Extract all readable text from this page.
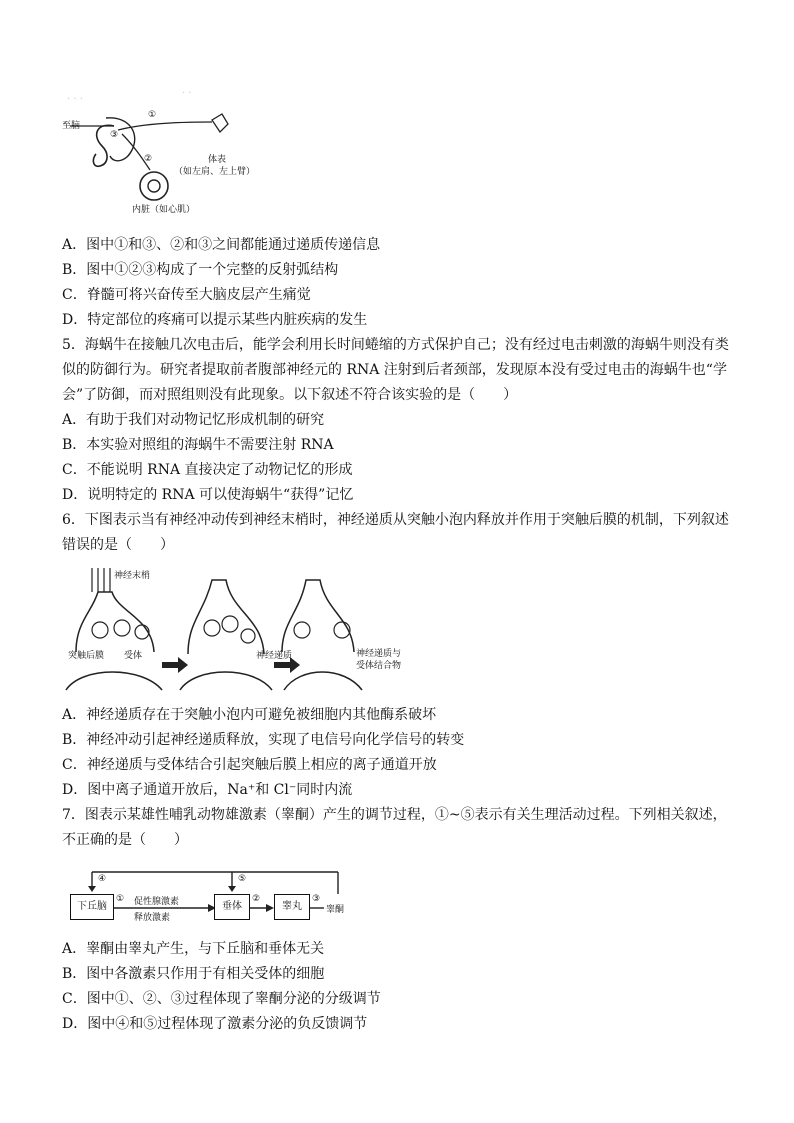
· · ·
· ·
至脑
①
②
③
体表
（如左肩、左上臂）
内脏（如心肌）
A．图中①和③、②和③之间都能通过递质传递信息
B．图中①②③构成了一个完整的反射弧结构
C．脊髓可将兴奋传至大脑皮层产生痛觉
D．特定部位的疼痛可以提示某些内脏疾病的发生
5．海蜗牛在接触几次电击后，能学会利用长时间蜷缩的方式保护自己；没有经过电击刺激的海蜗牛则没有类
似的防御行为。研究者提取前者腹部神经元的 RNA 注射到后者颈部，发现原本没有受过电击的海蜗牛也“学
会”了防御，而对照组则没有此现象。以下叙述不符合该实验的是（　　）
A．有助于我们对动物记忆形成机制的研究
B．本实验对照组的海蜗牛不需要注射 RNA
C．不能说明 RNA 直接决定了动物记忆的形成
D．说明特定的 RNA 可以使海蜗牛“获得”记忆
6．下图表示当有神经冲动传到神经末梢时，神经递质从突触小泡内释放并作用于突触后膜的机制，下列叙述
错误的是（　　）
神经末梢
突触后膜 受体	神经递质	神经递质与
受体结合物
A．神经递质存在于突触小泡内可避免被细胞内其他酶系破坏
B．神经冲动引起神经递质释放，实现了电信号向化学信号的转变
C．神经递质与受体结合引起突触后膜上相应的离子通道开放
D．图中离子通道开放后，Na⁺和 Cl⁻同时内流
7．图表示某雄性哺乳动物雄激素（睾酮）产生的调节过程，①~⑤表示有关生理活动过程。下列相关叙述，
不正确的是（　　）
下丘脑	垂体	睾丸
促性腺激素
释放激素
睾酮
①	②	③
④	⑤
A．睾酮由睾丸产生，与下丘脑和垂体无关
B．图中各激素只作用于有相关受体的细胞
C．图中①、②、③过程体现了睾酮分泌的分级调节
D．图中④和⑤过程体现了激素分泌的负反馈调节
